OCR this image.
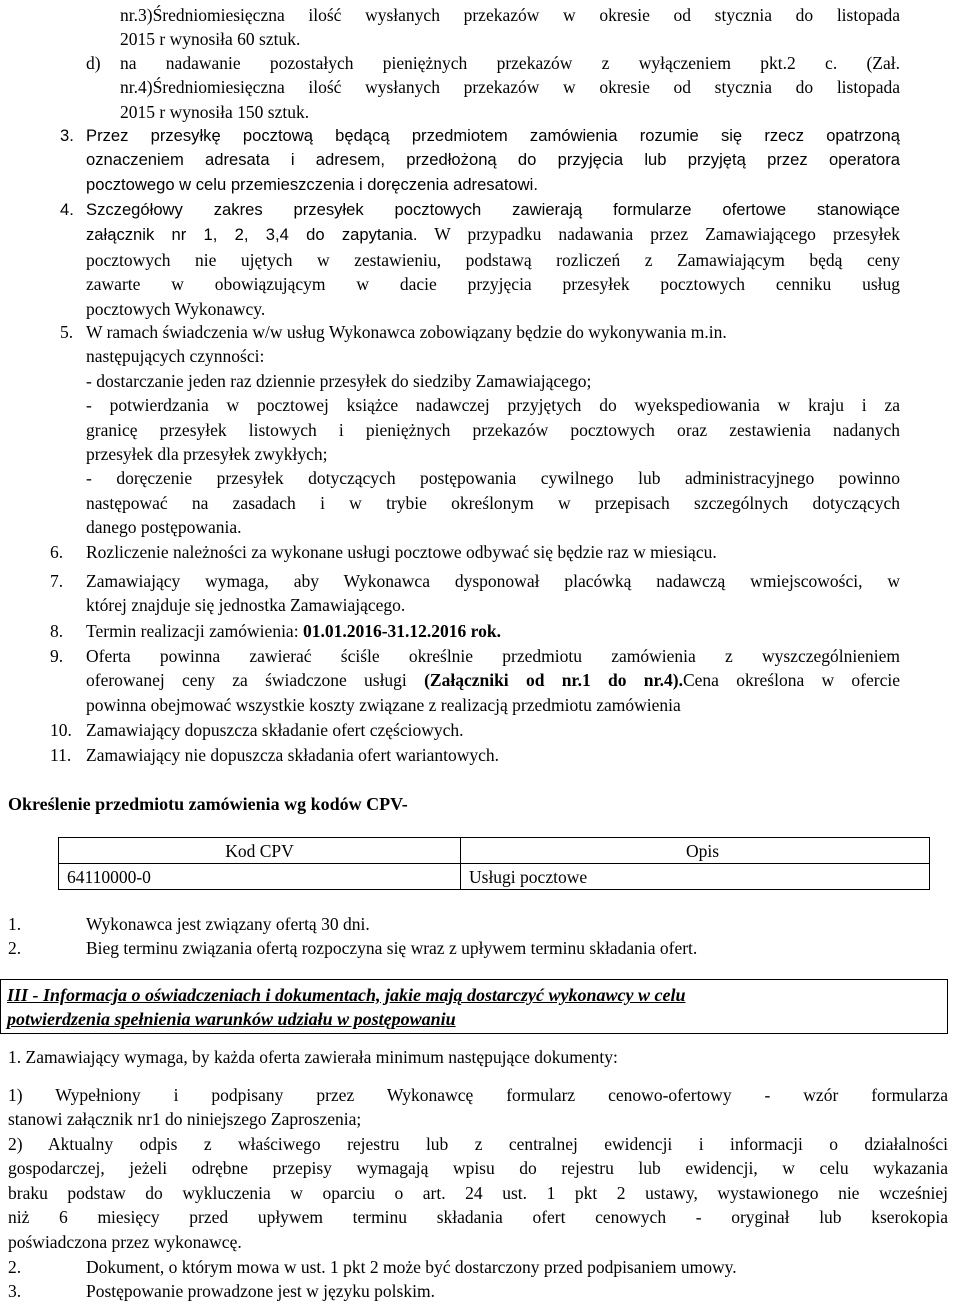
nr.3)Średniomiesięczna ilość wysłanych przekazów w okresie od stycznia do listopada
2015 r wynosiła 60 sztuk.
d) na nadawanie pozostałych pieniężnych przekazów z wyłączeniem pkt.2 c. (Zał.
nr.4)Średniomiesięczna ilość wysłanych przekazów w okresie od stycznia do listopada
2015 r wynosiła 150 sztuk.
3. Przez przesyłkę pocztową będącą przedmiotem zamówienia rozumie się rzecz opatrzoną
oznaczeniem adresata i adresem, przedłożoną do przyjęcia lub przyjętą przez operatora
pocztowego w celu przemieszczenia i doręczenia adresatowi.
4. Szczegółowy zakres przesyłek pocztowych zawierają formularze ofertowe stanowiące
załącznik nr 1, 2, 3,4 do zapytania. W przypadku nadawania przez Zamawiającego przesyłek
pocztowych nie ujętych w zestawieniu, podstawą rozliczeń z Zamawiającym będą ceny
zawarte w obowiązującym w dacie przyjęcia przesyłek pocztowych cenniku usług
pocztowych Wykonawcy.
5. W ramach świadczenia w/w usług Wykonawca zobowiązany będzie do wykonywania m.in.
następujących czynności:
- dostarczanie jeden raz dziennie przesyłek do siedziby Zamawiającego;
- potwierdzania w pocztowej książce nadawczej przyjętych do wyekspediowania w kraju i za
granicę przesyłek listowych i pieniężnych przekazów pocztowych oraz zestawienia nadanych
przesyłek dla przesyłek zwykłych;
- doręczenie przesyłek dotyczących postępowania cywilnego lub administracyjnego powinno
następować na zasadach i w trybie określonym w przepisach szczególnych dotyczących
danego postępowania.
6. Rozliczenie należności za wykonane usługi pocztowe odbywać się będzie raz w miesiącu.
7. Zamawiający wymaga, aby Wykonawca dysponował placówką nadawczą wmiejscowości, w
której znajduje się jednostka Zamawiającego.
8. Termin realizacji zamówienia: 01.01.2016-31.12.2016 rok.
9. Oferta powinna zawierać ściśle określnie przedmiotu zamówienia z wyszczególnieniem
oferowanej ceny za świadczone usługi (Załączniki od nr.1 do nr.4).Cena określona w ofercie
powinna obejmować wszystkie koszty związane z realizacją przedmiotu zamówienia
10. Zamawiający dopuszcza składanie ofert częściowych.
11. Zamawiający nie dopuszcza składania ofert wariantowych.
Określenie przedmiotu zamówienia wg kodów CPV-
Kod CPV	Opis
64110000-0	Usługi pocztowe
1.	Wykonawca jest związany ofertą 30 dni.
2.	Bieg terminu związania ofertą rozpoczyna się wraz z upływem terminu składania ofert.
III - Informacja o oświadczeniach i dokumentach, jakie mają dostarczyć wykonawcy w celu
potwierdzenia spełnienia warunków udziału w postępowaniu
1. Zamawiający wymaga, by każda oferta zawierała minimum następujące dokumenty:
1) Wypełniony i podpisany przez Wykonawcę formularz cenowo-ofertowy - wzór formularza
stanowi załącznik nr1 do niniejszego Zaproszenia;
2) Aktualny odpis z właściwego rejestru lub z centralnej ewidencji i informacji o działalności
gospodarczej, jeżeli odrębne przepisy wymagają wpisu do rejestru lub ewidencji, w celu wykazania
braku podstaw do wykluczenia w oparciu o art. 24 ust. 1 pkt 2 ustawy, wystawionego nie wcześniej
niż 6 miesięcy przed upływem terminu składania ofert cenowych - oryginał lub kserokopia
poświadczona przez wykonawcę.
2.	Dokument, o którym mowa w ust. 1 pkt 2 może być dostarczony przed podpisaniem umowy.
3.	Postępowanie prowadzone jest w języku polskim.
